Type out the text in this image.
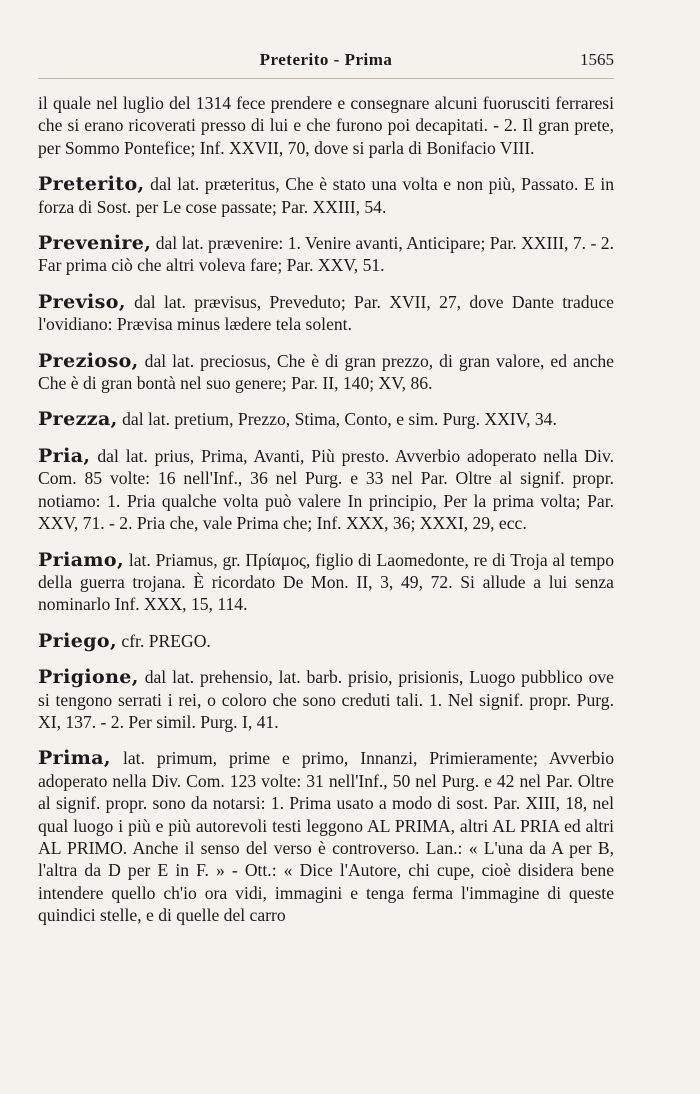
Preterito - Prima	1565

il quale nel luglio del 1314 fece prendere e consegnare alcuni fuorusciti ferraresi che si erano ricoverati presso di lui e che furono poi decapitati. - 2. Il gran prete, per Sommo Pontefice; Inf. XXVII, 70, dove si parla di Bonifacio VIII.

Preterito, dal lat. præteritus, Che è stato una volta e non più, Passato. E in forza di Sost. per Le cose passate; Par. XXIII, 54.

Prevenire, dal lat. prævenire: 1. Venire avanti, Anticipare; Par. XXIII, 7. - 2. Far prima ciò che altri voleva fare; Par. XXV, 51.

Previso, dal lat. prævisus, Preveduto; Par. XVII, 27, dove Dante traduce l'ovidiano: Prævisa minus lædere tela solent.

Prezioso, dal lat. preciosus, Che è di gran prezzo, di gran valore, ed anche Che è di gran bontà nel suo genere; Par. II, 140; XV, 86.

Prezza, dal lat. pretium, Prezzo, Stima, Conto, e sim. Purg. XXIV, 34.

Pria, dal lat. prius, Prima, Avanti, Più presto. Avverbio adoperato nella Div. Com. 85 volte: 16 nell'Inf., 36 nel Purg. e 33 nel Par. Oltre al signif. propr. notiamo: 1. Pria qualche volta può valere In principio, Per la prima volta; Par. XXV, 71. - 2. Pria che, vale Prima che; Inf. XXX, 36; XXXI, 29, ecc.

Priamo, lat. Priamus, gr. Πρίαμος, figlio di Laomedonte, re di Troja al tempo della guerra trojana. È ricordato De Mon. II, 3, 49, 72. Si allude a lui senza nominarlo Inf. XXX, 15, 114.

Priego, cfr. PREGO.

Prigione, dal lat. prehensio, lat. barb. prisio, prisionis, Luogo pubblico ove si tengono serrati i rei, o coloro che sono creduti tali. 1. Nel signif. propr. Purg. XI, 137. - 2. Per simil. Purg. I, 41.

Prima, lat. primum, prime e primo, Innanzi, Primieramente; Avverbio adoperato nella Div. Com. 123 volte: 31 nell'Inf., 50 nel Purg. e 42 nel Par. Oltre al signif. propr. sono da notarsi: 1. Prima usato a modo di sost. Par. XIII, 18, nel qual luogo i più e più autorevoli testi leggono AL PRIMA, altri AL PRIA ed altri AL PRIMO. Anche il senso del verso è controverso. Lan.: « L'una da A per B, l'altra da D per E in F. » - Ott.: « Dice l'Autore, chi cupe, cioè disidera bene intendere quello ch'io ora vidi, immagini e tenga ferma l'immagine di queste quindici stelle, e di quelle del carro
